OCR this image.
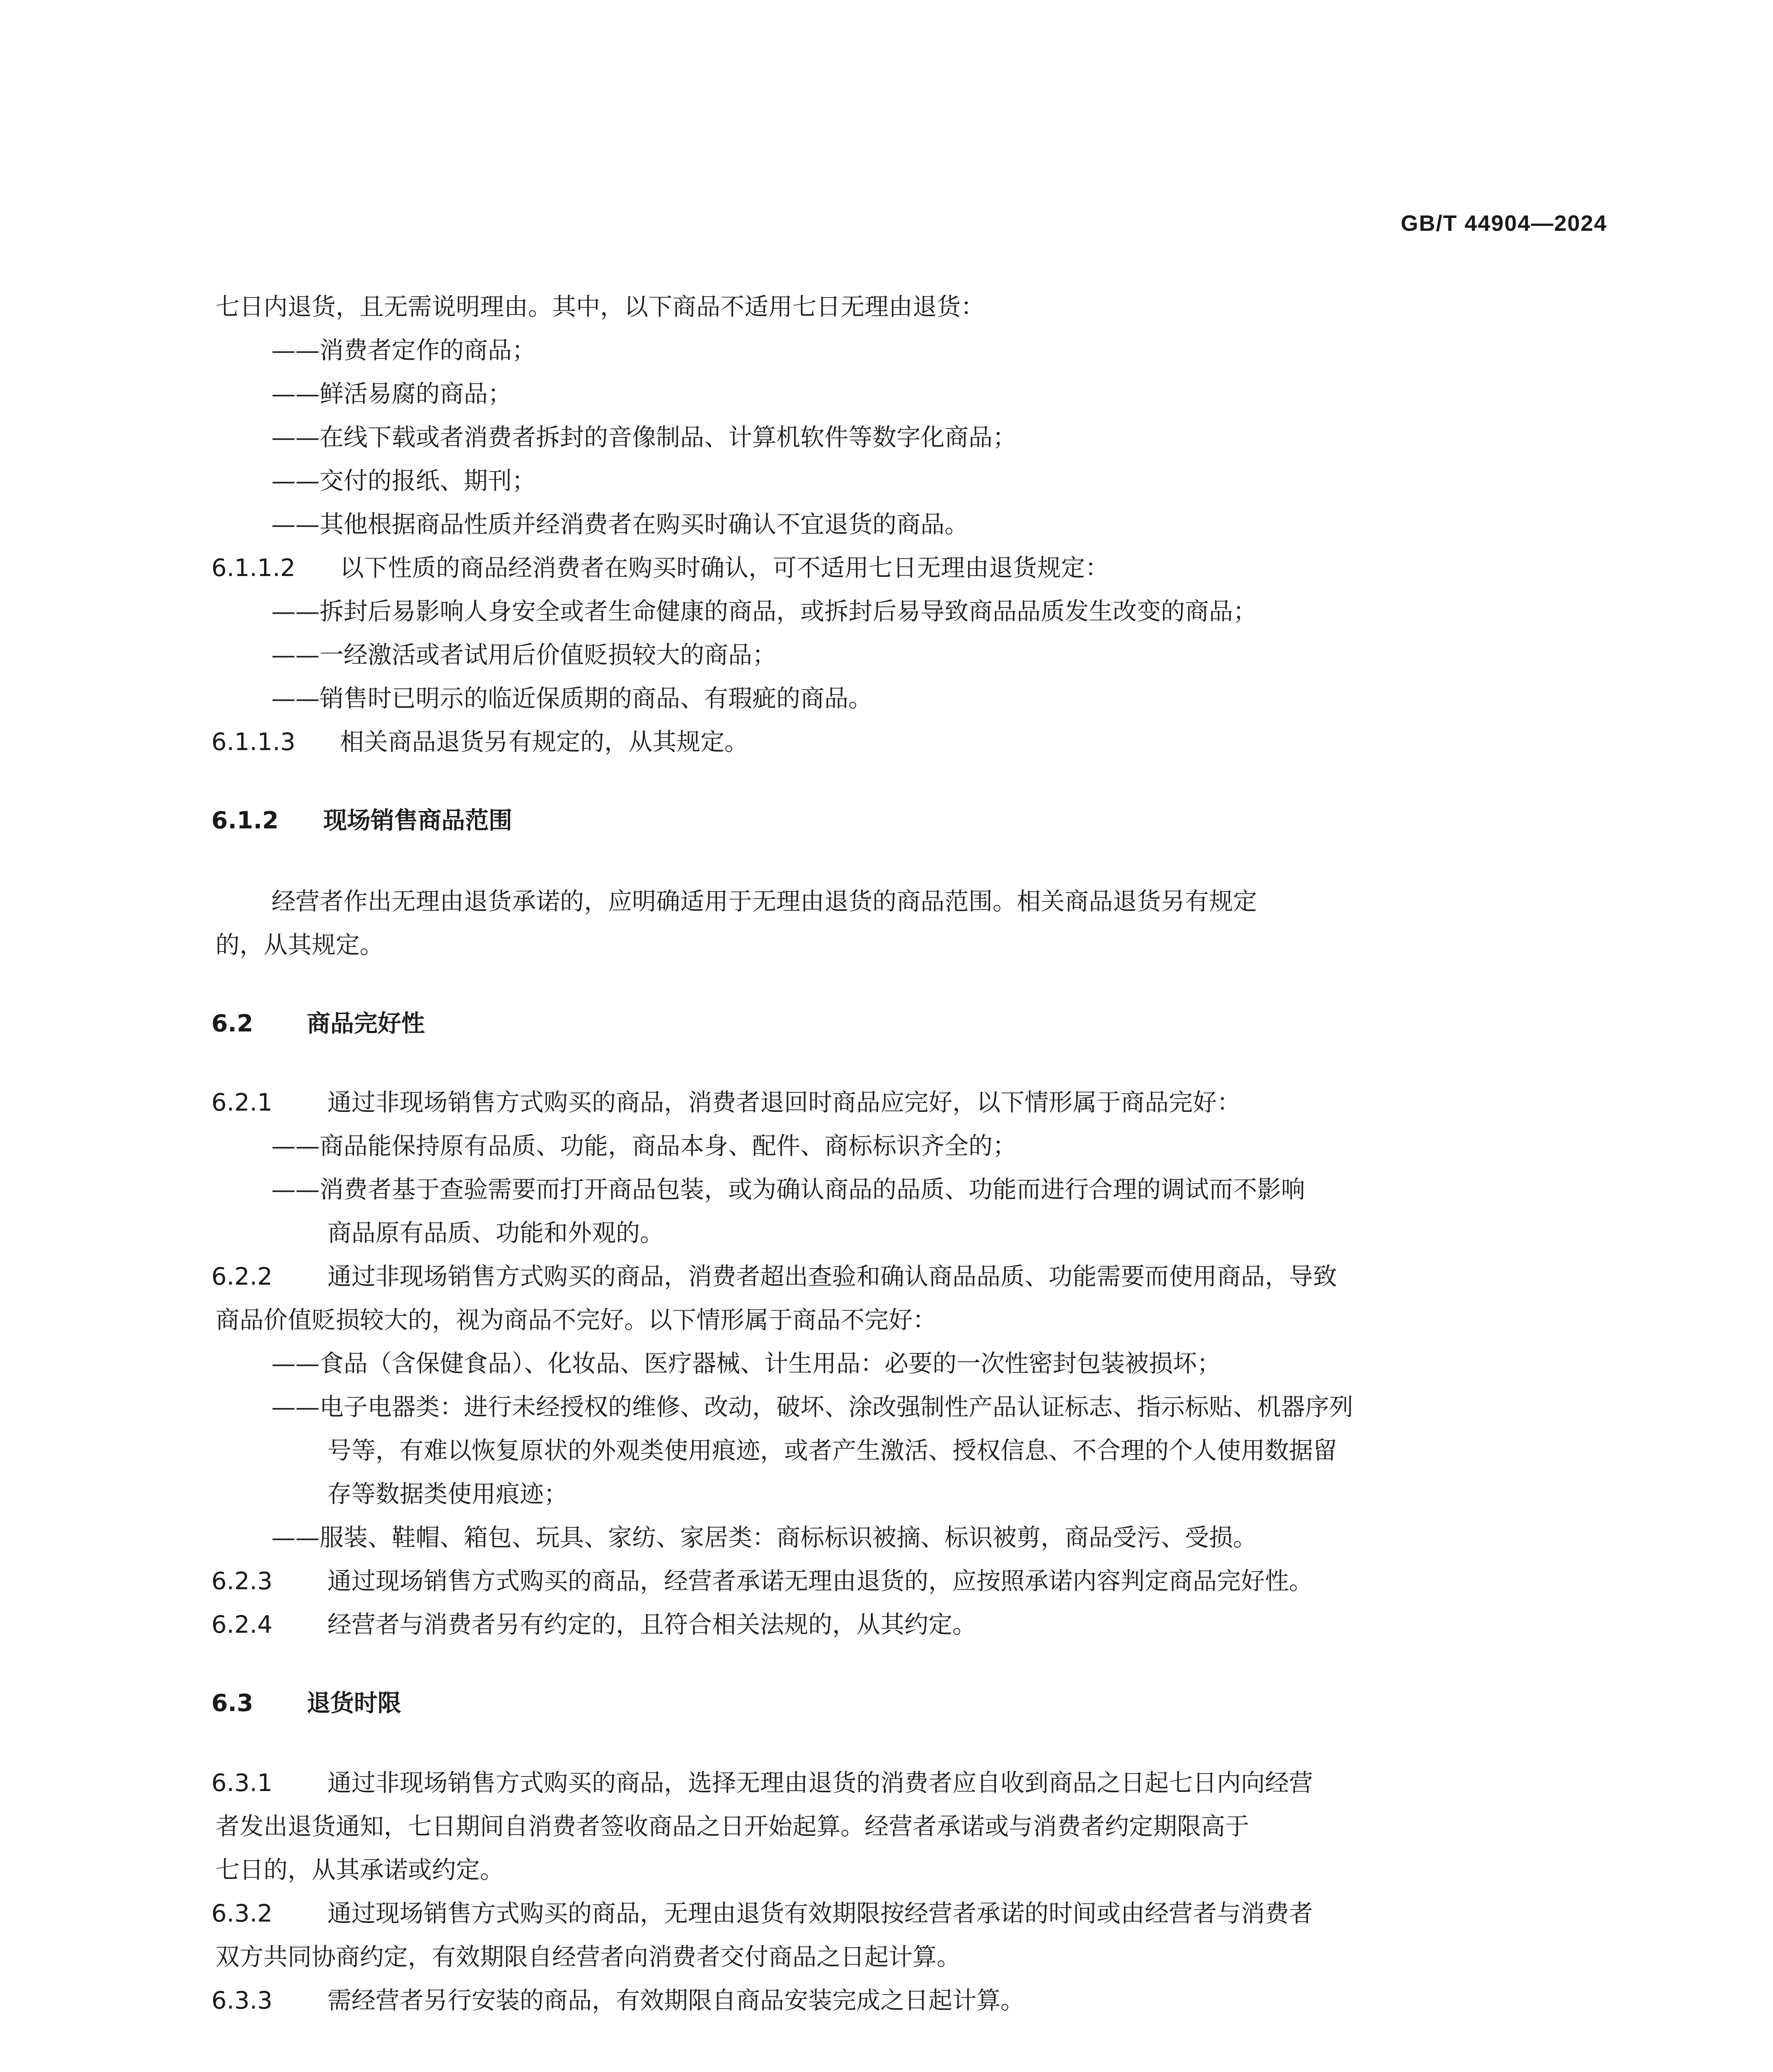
GB/T 44904—2024
七日内退货，且无需说明理由。其中，以下商品不适用七日无理由退货：
——消费者定作的商品；
——鲜活易腐的商品；
——在线下载或者消费者拆封的音像制品、计算机软件等数字化商品；
——交付的报纸、期刊；
——其他根据商品性质并经消费者在购买时确认不宜退货的商品。
6.1.1.2 以下性质的商品经消费者在购买时确认，可不适用七日无理由退货规定：
——拆封后易影响人身安全或者生命健康的商品，或拆封后易导致商品品质发生改变的商品；
——一经激活或者试用后价值贬损较大的商品；
——销售时已明示的临近保质期的商品、有瑕疵的商品。
6.1.1.3 相关商品退货另有规定的，从其规定。
6.1.2 现场销售商品范围
经营者作出无理由退货承诺的，应明确适用于无理由退货的商品范围。相关商品退货另有规定
的，从其规定。
6.2 商品完好性
6.2.1 通过非现场销售方式购买的商品，消费者退回时商品应完好，以下情形属于商品完好：
——商品能保持原有品质、功能，商品本身、配件、商标标识齐全的；
——消费者基于查验需要而打开商品包装，或为确认商品的品质、功能而进行合理的调试而不影响
商品原有品质、功能和外观的。
6.2.2 通过非现场销售方式购买的商品，消费者超出查验和确认商品品质、功能需要而使用商品，导致
商品价值贬损较大的，视为商品不完好。以下情形属于商品不完好：
——食品（含保健食品）、化妆品、医疗器械、计生用品：必要的一次性密封包装被损坏；
——电子电器类：进行未经授权的维修、改动，破坏、涂改强制性产品认证标志、指示标贴、机器序列
号等，有难以恢复原状的外观类使用痕迹，或者产生激活、授权信息、不合理的个人使用数据留
存等数据类使用痕迹；
——服装、鞋帽、箱包、玩具、家纺、家居类：商标标识被摘、标识被剪，商品受污、受损。
6.2.3 通过现场销售方式购买的商品，经营者承诺无理由退货的，应按照承诺内容判定商品完好性。
6.2.4 经营者与消费者另有约定的，且符合相关法规的，从其约定。
6.3 退货时限
6.3.1 通过非现场销售方式购买的商品，选择无理由退货的消费者应自收到商品之日起七日内向经营
者发出退货通知，七日期间自消费者签收商品之日开始起算。经营者承诺或与消费者约定期限高于
七日的，从其承诺或约定。
6.3.2 通过现场销售方式购买的商品，无理由退货有效期限按经营者承诺的时间或由经营者与消费者
双方共同协商约定，有效期限自经营者向消费者交付商品之日起计算。
6.3.3 需经营者另行安装的商品，有效期限自商品安装完成之日起计算。
